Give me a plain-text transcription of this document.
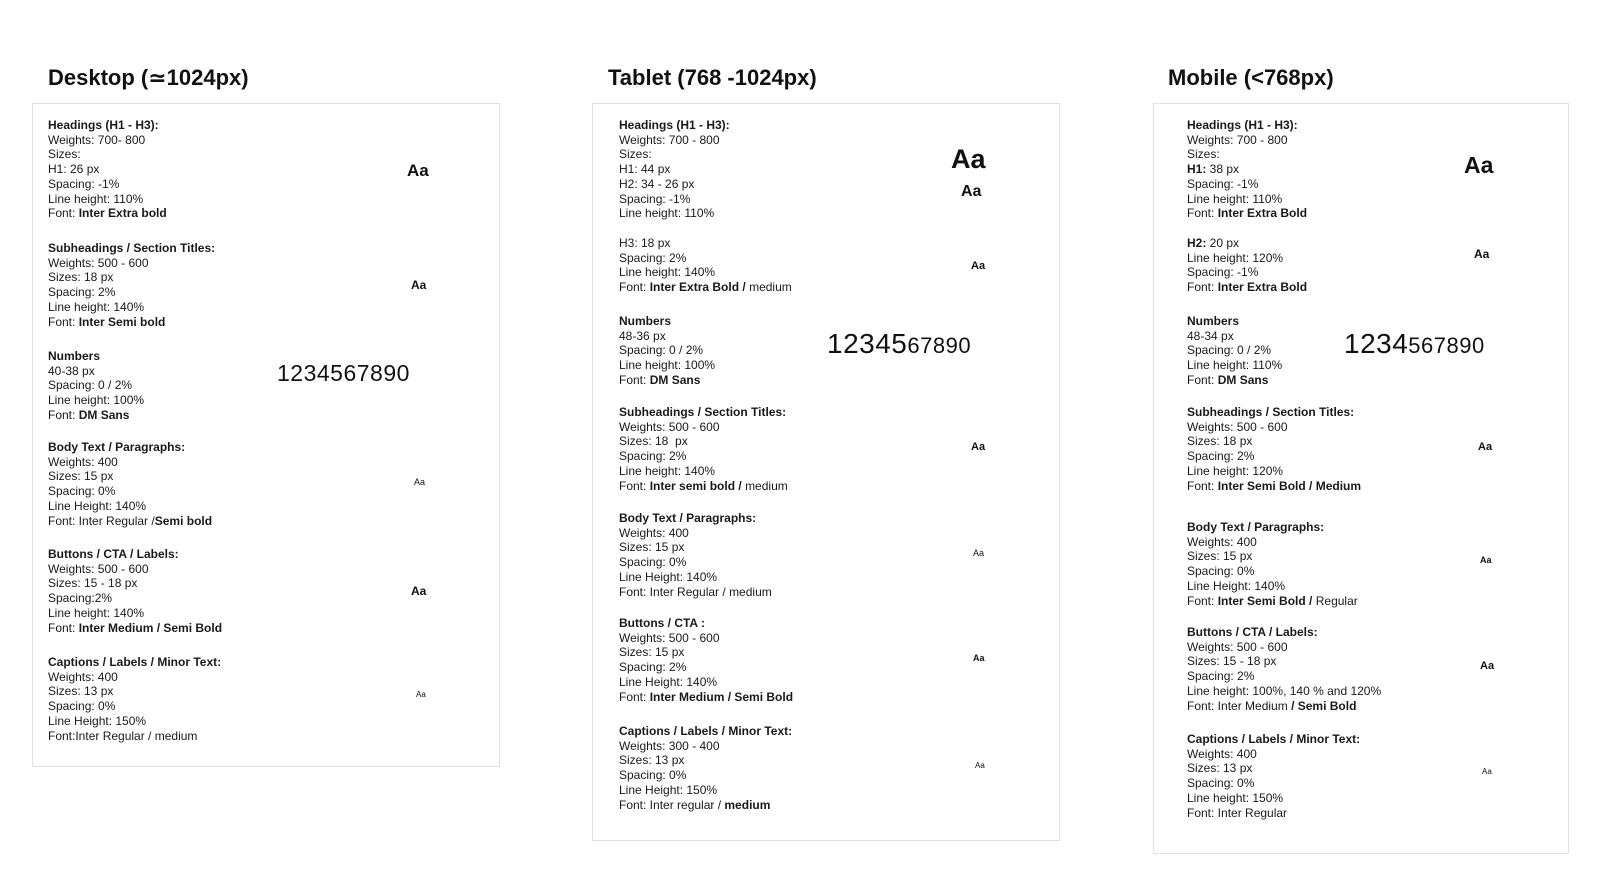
Desktop (≃1024px)
Headings (H1 - H3):
Weights: 700- 800
Sizes:
H1: 26 px
Spacing: -1%
Line height: 110%
Font: Inter Extra bold
Aa
Subheadings / Section Titles:
Weights: 500 - 600
Sizes: 18 px
Spacing: 2%
Line height: 140%
Font: Inter Semi bold
Aa
Numbers
40-38 px
Spacing: 0 / 2%
Line height: 100%
Font: DM Sans
1234567890
Body Text / Paragraphs:
Weights: 400
Sizes: 15 px
Spacing: 0%
Line Height: 140%
Font: Inter Regular /Semi bold
Aa
Buttons / CTA / Labels:
Weights: 500 - 600
Sizes: 15 - 18 px
Spacing:2%
Line height: 140%
Font: Inter Medium / Semi Bold
Aa
Captions / Labels / Minor Text:
Weights: 400
Sizes: 13 px
Spacing: 0%
Line Height: 150%
Font:Inter Regular / medium
Aa
Tablet (768 -1024px)
Headings (H1 - H3):
Weights: 700 - 800
Sizes:
H1: 44 px
H2: 34 - 26 px
Spacing: -1%
Line height: 110%
Aa
Aa
H3: 18 px
Spacing: 2%
Line height: 140%
Font: Inter Extra Bold / medium
Aa
Numbers
48-36 px
Spacing: 0 / 2%
Line height: 100%
Font: DM Sans
1234567890
Subheadings / Section Titles:
Weights: 500 - 600
Sizes: 18  px
Spacing: 2%
Line height: 140%
Font: Inter semi bold / medium
Aa
Body Text / Paragraphs:
Weights: 400
Sizes: 15 px
Spacing: 0%
Line Height: 140%
Font: Inter Regular / medium
Aa
Buttons / CTA :
Weights: 500 - 600
Sizes: 15 px
Spacing: 2%
Line Height: 140%
Font: Inter Medium / Semi Bold
Aa
Captions / Labels / Minor Text:
Weights: 300 - 400
Sizes: 13 px
Spacing: 0%
Line Height: 150%
Font: Inter regular / medium
Aa
Mobile (<768px)
Headings (H1 - H3):
Weights: 700 - 800
Sizes:
H1: 38 px
Spacing: -1%
Line height: 110%
Font: Inter Extra Bold
Aa
H2: 20 px
Line height: 120%
Spacing: -1%
Font: Inter Extra Bold
Aa
Numbers
48-34 px
Spacing: 0 / 2%
Line height: 110%
Font: DM Sans
1234567890
Subheadings / Section Titles:
Weights: 500 - 600
Sizes: 18 px
Spacing: 2%
Line height: 120%
Font: Inter Semi Bold / Medium
Aa
Body Text / Paragraphs:
Weights: 400
Sizes: 15 px
Spacing: 0%
Line Height: 140%
Font: Inter Semi Bold / Regular
Aa
Buttons / CTA / Labels:
Weights: 500 - 600
Sizes: 15 - 18 px
Spacing: 2%
Line height: 100%, 140 % and 120%
Font: Inter Medium / Semi Bold
Aa
Captions / Labels / Minor Text:
Weights: 400
Sizes: 13 px
Spacing: 0%
Line height: 150%
Font: Inter Regular
Aa
